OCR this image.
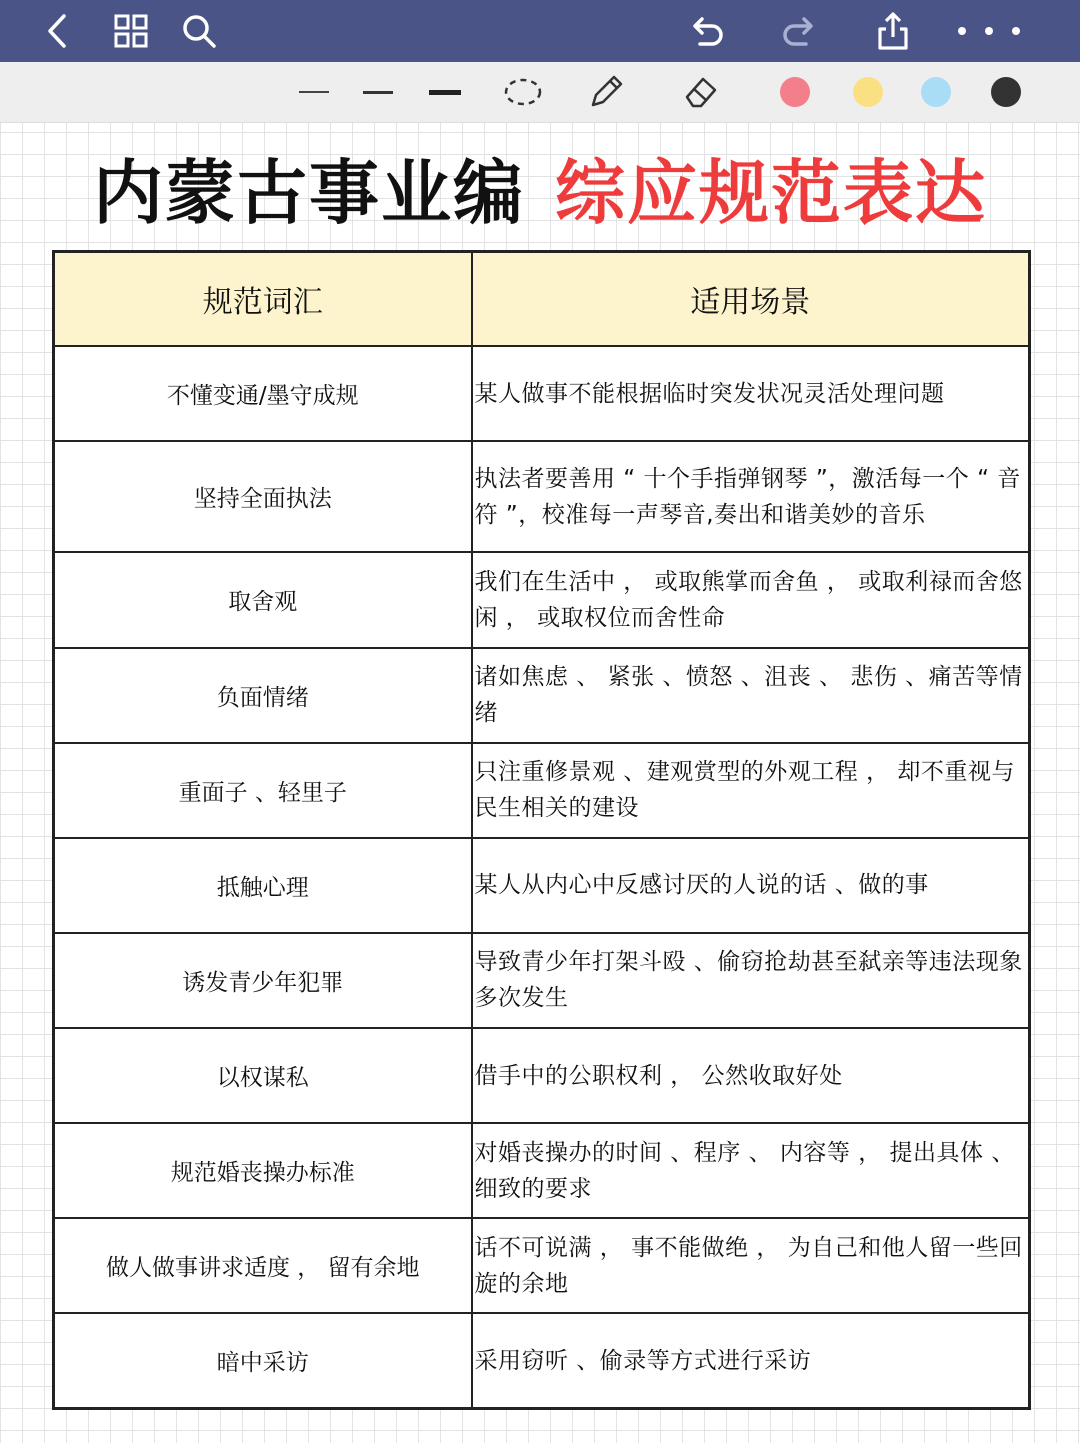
内蒙古事业编 综应规范表达
规范词汇	适用场景
不懂变通/墨守成规	某人做事不能根据临时突发状况灵活处理问题
坚持全面执法	执法者要善用 “ 十个手指弹钢琴 ”，激活每一个 “ 音符 ”，校准每一声琴音,奏出和谐美妙的音乐
取舍观	我们在生活中 ， 或取熊掌而舍鱼 ， 或取利禄而舍悠闲 ， 或取权位而舍性命
负面情绪	诸如焦虑 、 紧张 、愤怒 、沮丧 、 悲伤 、痛苦等情绪
重面子 、轻里子	只注重修景观 、建观赏型的外观工程 ， 却不重视与民生相关的建设
抵触心理	某人从内心中反感讨厌的人说的话 、做的事
诱发青少年犯罪	导致青少年打架斗殴 、偷窃抢劫甚至弑亲等违法现象多次发生
以权谋私	借手中的公职权利 ， 公然收取好处
规范婚丧操办标准	对婚丧操办的时间 、程序 、 内容等 ， 提出具体 、细致的要求
做人做事讲求适度 ， 留有余地	话不可说满 ， 事不能做绝 ， 为自己和他人留一些回旋的余地
暗中采访	采用窃听 、偷录等方式进行采访
